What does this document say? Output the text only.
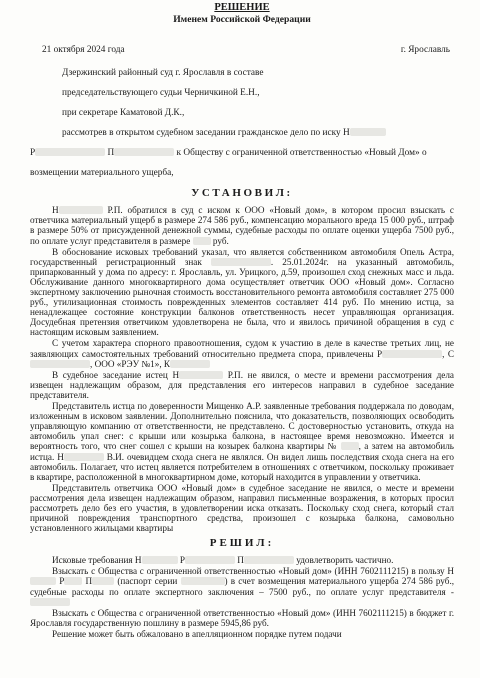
РЕШЕНИЕ

Именем Российской Федерации

21 октября 2024 года	г. Ярославль

Дзержинский районный суд г. Ярославля в составе

председательствующего судьи Черничкиной Е.Н.,

при секретаре Каматовой Д.К.,

рассмотрев в открытом судебном заседании гражданское дело по иску Н

Р	П	к Обществу с ограниченной ответственностью «Новый Дом» о

возмещении материального ущерба,

УСТАНОВИЛ:

Н	Р.П. обратился в суд с иском к ООО «Новый дом», в котором просил взыскать с ответчика материальный ущерб в размере 274 586 руб., компенсацию морального вреда 15 000 руб., штраф в размере 50% от присужденной денежной суммы, судебные расходы по оплате оценки ущерба 7500 руб., по оплате услуг представителя в размере руб.

В обоснование исковых требований указал, что является собственником автомобиля Опель Астра, государственный регистрационный знак	. 25.01.2024г. на указанный автомобиль, припаркованный у дома по адресу: г. Ярославль, ул. Урицкого, д.59, произошел сход снежных масс и льда. Обслуживание данного многоквартирного дома осуществляет ответчик ООО «Новый дом». Согласно экспертному заключению рыночная стоимость восстановительного ремонта автомобиля составляет 275 000 руб., утилизационная стоимость поврежденных элементов составляет 414 руб. По мнению истца, за ненадлежащее состояние конструкции балконов ответственность несет управляющая организация. Досудебная претензия ответчиком удовлетворена не была, что и явилось причиной обращения в суд с настоящим исковым заявлением.

С учетом характера спорного правоотношения, судом к участию в деле в качестве третьих лиц, не заявляющих самостоятельных требований относительно предмета спора, привлечены Р	, С, ООО «РЭУ №1», К

В судебное заседание истец Н	Р.П. не явился, о месте и времени рассмотрения дела извещен надлежащим образом, для представления его интересов направил в судебное заседание представителя.

Представитель истца по доверенности Мищенко А.Р. заявленные требования поддержала по доводам, изложенным в исковом заявлении. Дополнительно пояснила, что доказательств, позволяющих освободить управляющую компанию от ответственности, не представлено. С достоверностью установить, откуда на автомобиль упал снег: с крыши или козырька балкона, в настоящее время невозможно. Имеется и вероятность того, что снег сошел с крыши на козырек балкона квартиры № , а затем на автомобиль истца. Н	В.И. очевидцем схода снега не являлся. Он видел лишь последствия схода снега на его автомобиль. Полагает, что истец является потребителем в отношениях с ответчиком, поскольку проживает в квартире, расположенной в многоквартирном доме, который находится в управлении у ответчика.

Представитель ответчика ООО «Новый дом» в судебное заседание не явился, о месте и времени рассмотрения дела извещен надлежащим образом, направил письменные возражения, в которых просил рассмотреть дело без его участия, в удовлетворении иска отказать. Поскольку сход снега, который стал причиной повреждения транспортного средства, произошел с козырька балкона, самовольно установленного жильцами квартиры

РЕШИЛ:

Исковые требования Н	Р	П	удовлетворить частично.

Взыскать с Общества с ограниченной ответственностью «Новый дом» (ИНН 7602111215) в пользу Н Р П	(паспорт серии	) в счет возмещения материального ущерба 274 586 руб., судебные расходы по оплате экспертного заключения – 7500 руб., по оплате услуг представителя -

Взыскать с Общества с ограниченной ответственностью «Новый дом» (ИНН 7602111215) в бюджет г. Ярославля государственную пошлину в размере 5945,86 руб.

Решение может быть обжаловано в апелляционном порядке путем подачи
